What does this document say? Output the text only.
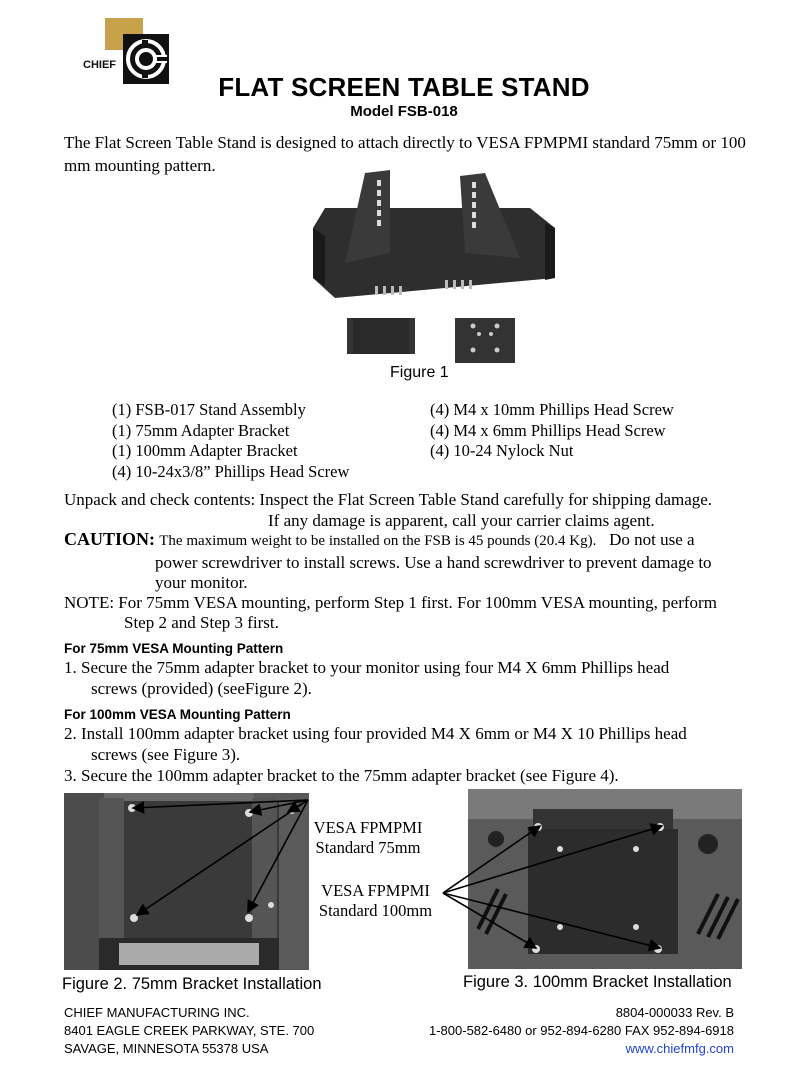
CHIEF
FLAT SCREEN TABLE STAND
Model FSB-018
The Flat Screen Table Stand is designed to attach directly to VESA FPMPMI standard 75mm or 100 mm mounting pattern.
Figure 1
(1) FSB-017 Stand Assembly
(1) 75mm Adapter Bracket
(1) 100mm Adapter Bracket
(4) 10-24x3/8” Phillips Head Screw
(4) M4 x 10mm Phillips Head Screw
(4) M4 x 6mm Phillips Head Screw
(4) 10-24 Nylock Nut
Unpack and check contents: Inspect the Flat Screen Table Stand carefully for shipping damage.
If any damage is apparent, call your carrier claims agent.
CAUTION: The maximum weight to be installed on the FSB is 45 pounds (20.4 Kg). Do not use a
power screwdriver to install screws. Use a hand screwdriver to prevent damage to
your monitor.
NOTE: For 75mm VESA mounting, perform Step 1 first. For 100mm VESA mounting, perform
Step 2 and Step 3 first.
For 75mm VESA Mounting Pattern
1. Secure the 75mm adapter bracket to your monitor using four M4 X 6mm Phillips head
screws (provided) (seeFigure 2).
For 100mm VESA Mounting Pattern
2. Install 100mm adapter bracket using four provided M4 X 6mm or M4 X 10 Phillips head
screws (see Figure 3).
3. Secure the 100mm adapter bracket to the 75mm adapter bracket (see Figure 4).
VESA FPMPMI
Standard 75mm
VESA FPMPMI
Standard 100mm
Figure 2. 75mm Bracket Installation	Figure 3. 100mm Bracket Installation
CHIEF MANUFACTURING INC.
8401 EAGLE CREEK PARKWAY, STE. 700
SAVAGE, MINNESOTA 55378 USA
8804-000033 Rev. B
1-800-582-6480 or 952-894-6280 FAX 952-894-6918
www.chiefmfg.com
